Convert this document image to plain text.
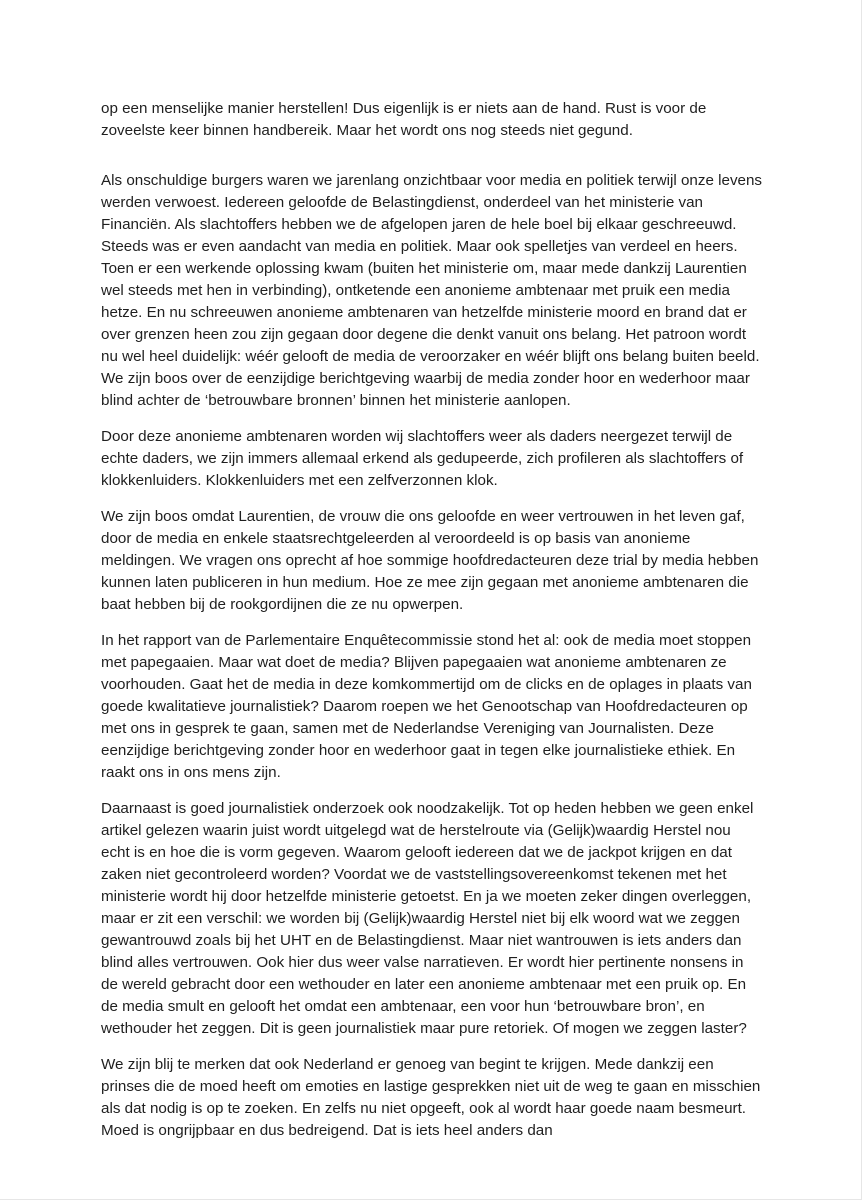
op een menselijke manier herstellen! Dus eigenlijk is er niets aan de hand. Rust is voor de zoveelste keer binnen handbereik. Maar het wordt ons nog steeds niet gegund.

Als onschuldige burgers waren we jarenlang onzichtbaar voor media en politiek terwijl onze levens werden verwoest. Iedereen geloofde de Belastingdienst, onderdeel van het ministerie van Financiën. Als slachtoffers hebben we de afgelopen jaren de hele boel bij elkaar geschreeuwd. Steeds was er even aandacht van media en politiek. Maar ook spelletjes van verdeel en heers. Toen er een werkende oplossing kwam (buiten het ministerie om, maar mede dankzij Laurentien wel steeds met hen in verbinding), ontketende een anonieme ambtenaar met pruik een media hetze. En nu schreeuwen anonieme ambtenaren van hetzelfde ministerie moord en brand dat er over grenzen heen zou zijn gegaan door degene die denkt vanuit ons belang. Het patroon wordt nu wel heel duidelijk: wéér gelooft de media de veroorzaker en wéér blijft ons belang buiten beeld. We zijn boos over de eenzijdige berichtgeving waarbij de media zonder hoor en wederhoor maar blind achter de ‘betrouwbare bronnen’ binnen het ministerie aanlopen.

Door deze anonieme ambtenaren worden wij slachtoffers weer als daders neergezet terwijl de echte daders, we zijn immers allemaal erkend als gedupeerde, zich profileren als slachtoffers of klokkenluiders. Klokkenluiders met een zelfverzonnen klok.

We zijn boos omdat Laurentien, de vrouw die ons geloofde en weer vertrouwen in het leven gaf, door de media en enkele staatsrechtgeleerden al veroordeeld is op basis van anonieme meldingen. We vragen ons oprecht af hoe sommige hoofdredacteuren deze trial by media hebben kunnen laten publiceren in hun medium. Hoe ze mee zijn gegaan met anonieme ambtenaren die baat hebben bij de rookgordijnen die ze nu opwerpen.

In het rapport van de Parlementaire Enquêtecommissie stond het al: ook de media moet stoppen met papegaaien. Maar wat doet de media? Blijven papegaaien wat anonieme ambtenaren ze voorhouden. Gaat het de media in deze komkommertijd om de clicks en de oplages in plaats van goede kwalitatieve journalistiek? Daarom roepen we het Genootschap van Hoofdredacteuren op met ons in gesprek te gaan, samen met de Nederlandse Vereniging van Journalisten. Deze eenzijdige berichtgeving zonder hoor en wederhoor gaat in tegen elke journalistieke ethiek. En raakt ons in ons mens zijn.

Daarnaast is goed journalistiek onderzoek ook noodzakelijk. Tot op heden hebben we geen enkel artikel gelezen waarin juist wordt uitgelegd wat de herstelroute via (Gelijk)waardig Herstel nou echt is en hoe die is vorm gegeven. Waarom gelooft iedereen dat we de jackpot krijgen en dat zaken niet gecontroleerd worden? Voordat we de vaststellingsovereenkomst tekenen met het ministerie wordt hij door hetzelfde ministerie getoetst. En ja we moeten zeker dingen overleggen, maar er zit een verschil: we worden bij (Gelijk)waardig Herstel niet bij elk woord wat we zeggen gewantrouwd zoals bij het UHT en de Belastingdienst. Maar niet wantrouwen is iets anders dan blind alles vertrouwen. Ook hier dus weer valse narratieven. Er wordt hier pertinente nonsens in de wereld gebracht door een wethouder en later een anonieme ambtenaar met een pruik op. En de media smult en gelooft het omdat een ambtenaar, een voor hun ‘betrouwbare bron’, en wethouder het zeggen. Dit is geen journalistiek maar pure retoriek. Of mogen we zeggen laster?

We zijn blij te merken dat ook Nederland er genoeg van begint te krijgen. Mede dankzij een prinses die de moed heeft om emoties en lastige gesprekken niet uit de weg te gaan en misschien als dat nodig is op te zoeken. En zelfs nu niet opgeeft, ook al wordt haar goede naam besmeurt. Moed is ongrijpbaar en dus bedreigend. Dat is iets heel anders dan
